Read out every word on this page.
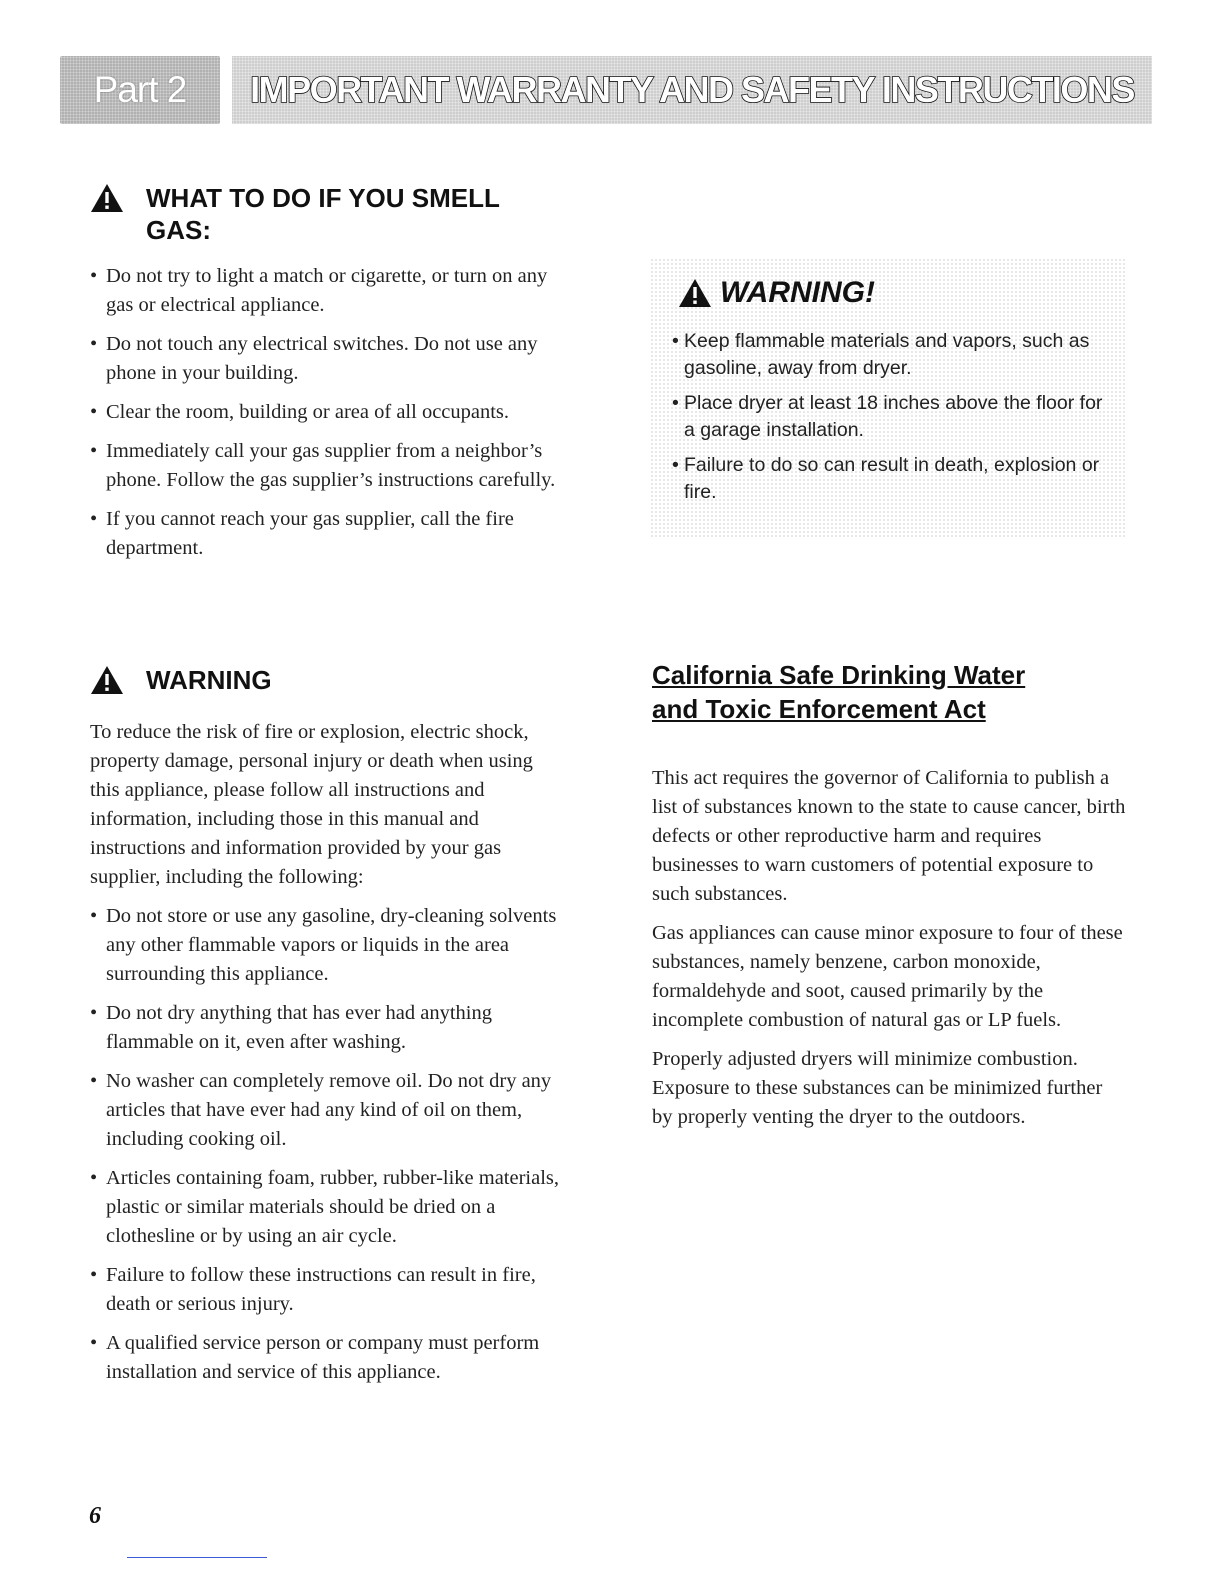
Part 2 IMPORTANT WARRANTY AND SAFETY INSTRUCTIONS
WHAT TO DO IF YOU SMELL GAS:
• Do not try to light a match or cigarette, or turn on any gas or electrical appliance.
• Do not touch any electrical switches. Do not use any phone in your building.
• Clear the room, building or area of all occupants.
• Immediately call your gas supplier from a neighbor’s phone. Follow the gas supplier’s instructions carefully.
• If you cannot reach your gas supplier, call the fire department.
WARNING!
• Keep flammable materials and vapors, such as gasoline, away from dryer.
• Place dryer at least 18 inches above the floor for a garage installation.
• Failure to do so can result in death, explosion or fire.
WARNING

To reduce the risk of fire or explosion, electric shock, property damage, personal injury or death when using this appliance, please follow all instructions and information, including those in this manual and instructions and information provided by your gas supplier, including the following:

• Do not store or use any gasoline, dry-cleaning solvents any other flammable vapors or liquids in the area surrounding this appliance.
• Do not dry anything that has ever had anything flammable on it, even after washing.
• No washer can completely remove oil. Do not dry any articles that have ever had any kind of oil on them, including cooking oil.
• Articles containing foam, rubber, rubber-like materials, plastic or similar materials should be dried on a clothesline or by using an air cycle.
• Failure to follow these instructions can result in fire, death or serious injury.
• A qualified service person or company must perform installation and service of this appliance.

California Safe Drinking Water
and Toxic Enforcement Act

This act requires the governor of California to publish a list of substances known to the state to cause cancer, birth defects or other reproductive harm and requires businesses to warn customers of potential exposure to such substances.

Gas appliances can cause minor exposure to four of these substances, namely benzene, carbon monoxide, formaldehyde and soot, caused primarily by the incomplete combustion of natural gas or LP fuels.

Properly adjusted dryers will minimize combustion. Exposure to these substances can be minimized further by properly venting the dryer to the outdoors.

6
